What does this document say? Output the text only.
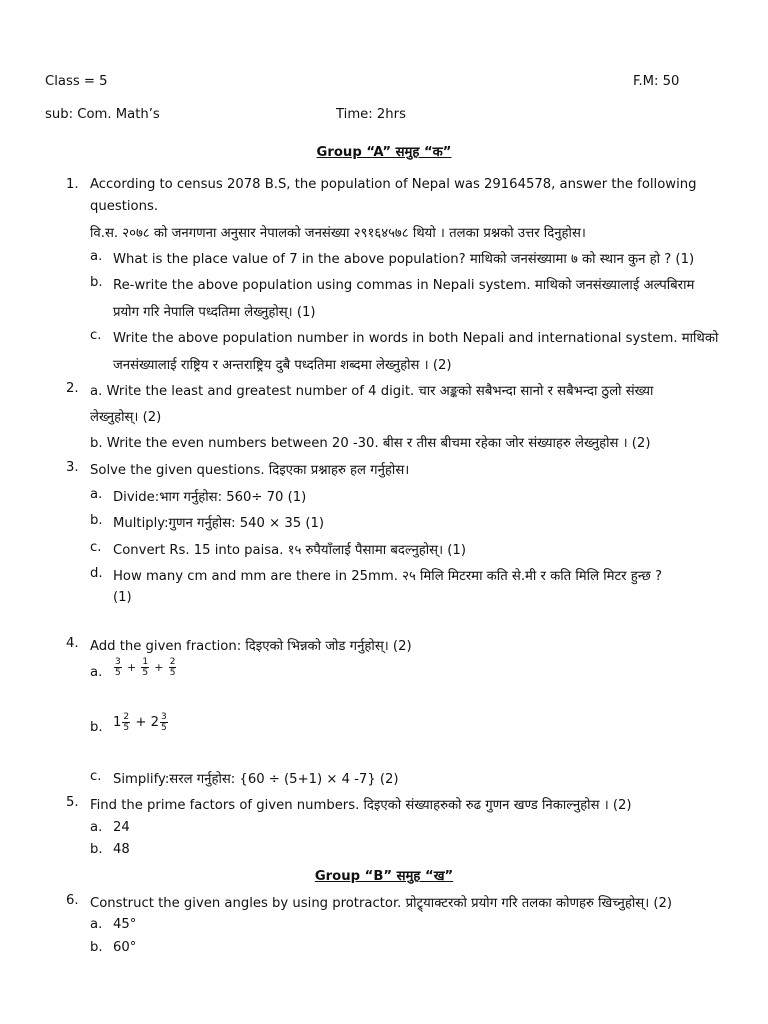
Class = 5	F.M: 50
sub: Com. Math’s	Time: 2hrs
Group “A” समुह “क”
1. According to census 2078 B.S, the population of Nepal was 29164578, answer the following
questions.
वि.स. २०७८ को जनगणना अनुसार नेपालको जनसंख्या २९१६४५७८ थियो । तलका प्रश्नको उत्तर दिनुहोस।
a. What is the place value of 7 in the above population? माथिको जनसंख्यामा ७ को स्थान कुन हो ? (1)
b. Re-write the above population using commas in Nepali system. माथिको जनसंख्यालाई अल्पबिराम
प्रयोग गरि नेपालि पध्दतिमा लेख्नुहोस्। (1)
c. Write the above population number in words in both Nepali and international system. माथिको
जनसंख्यालाई राष्ट्रिय र अन्तराष्ट्रिय दुबै पध्दतिमा शब्दमा लेख्नुहोस । (2)
2. a. Write the least and greatest number of 4 digit. चार अङ्कको सबैभन्दा सानो र सबैभन्दा ठुलो संख्या
लेख्नुहोस्। (2)
b. Write the even numbers between 20 -30. बीस र तीस बीचमा रहेका जोर संख्याहरु लेख्नुहोस । (2)
3. Solve the given questions. दिइएका प्रश्नाहरु हल गर्नुहोस।
a. Divide:भाग गर्नुहोस: 560÷ 70 (1)
b. Multiply:गुणन गर्नुहोस: 540 × 35 (1)
c. Convert Rs. 15 into paisa. १५ रुपैयाँलाई पैसामा बदल्नुहोस्। (1)
d. How many cm and mm are there in 25mm. २५ मिलि मिटरमा कति से.मी र कति मिलि मिटर हुन्छ ?
(1)
4. Add the given fraction: दिइएको भिन्नको जोड गर्नुहोस्। (2)
a. $\frac{3}{5} + \frac{1}{5} + \frac{2}{5}$
b. $1 \frac{2}{5} + 2 \frac{3}{5}$
c. Simplify:सरल गर्नुहोस: {60 ÷ (5+1) × 4 -7} (2)
5. Find the prime factors of given numbers. दिइएको संख्याहरुको रुढ गुणन खण्ड निकाल्नुहोस । (2)
a. 24
b. 48
Group “B” समुह “ख”
6. Construct the given angles by using protractor. प्रोट्र्याक्टरको प्रयोग गरि तलका कोणहरु खिच्नुहोस्। (2)
a. 45°
b. 60°
